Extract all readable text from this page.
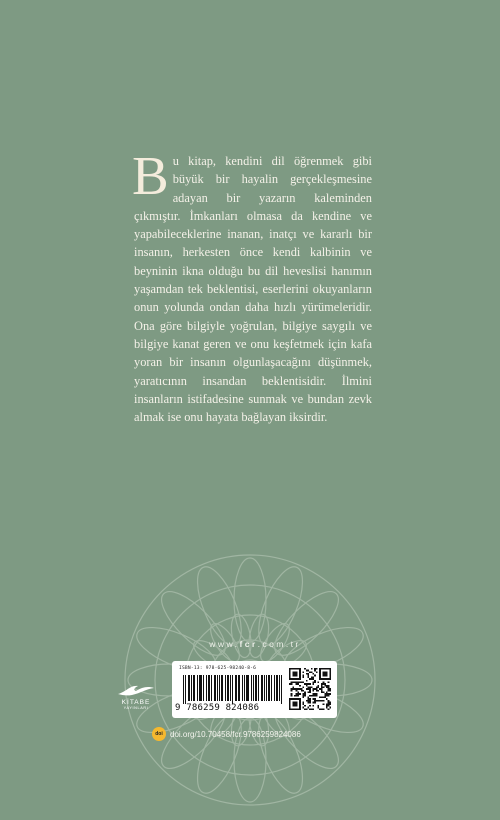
Bu kitap, kendini dil öğrenmek gibi büyük bir hayalin gerçekleşmesine adayan bir yazarın kaleminden çıkmıştır. İmkanları olmasa da kendine ve yapabileceklerine inanan, inatçı ve kararlı bir insanın, herkesten önce kendi kalbinin ve beyninin ikna olduğu bu dil heveslisi hanımın yaşamdan tek beklentisi, eserlerini okuyanların onun yolunda ondan daha hızlı yürümeleridir. Ona göre bilgiyle yoğrulan, bilgiye saygılı ve bilgiye kanat geren ve onu keşfetmek için kafa yoran bir insanın olgunlaşacağını düşünmek, yaratıcının insandan beklentisidir. İlmini insanların istifadesine sunmak ve bundan zevk almak ise onu hayata bağlayan iksirdir.
www.fcr.com.tr
KİTABE
YAYINLARI
ISBN-13: 978-625-98240-8-6
9 786259 824086
doi doi.org/10.70458/fcr.9786259824086
